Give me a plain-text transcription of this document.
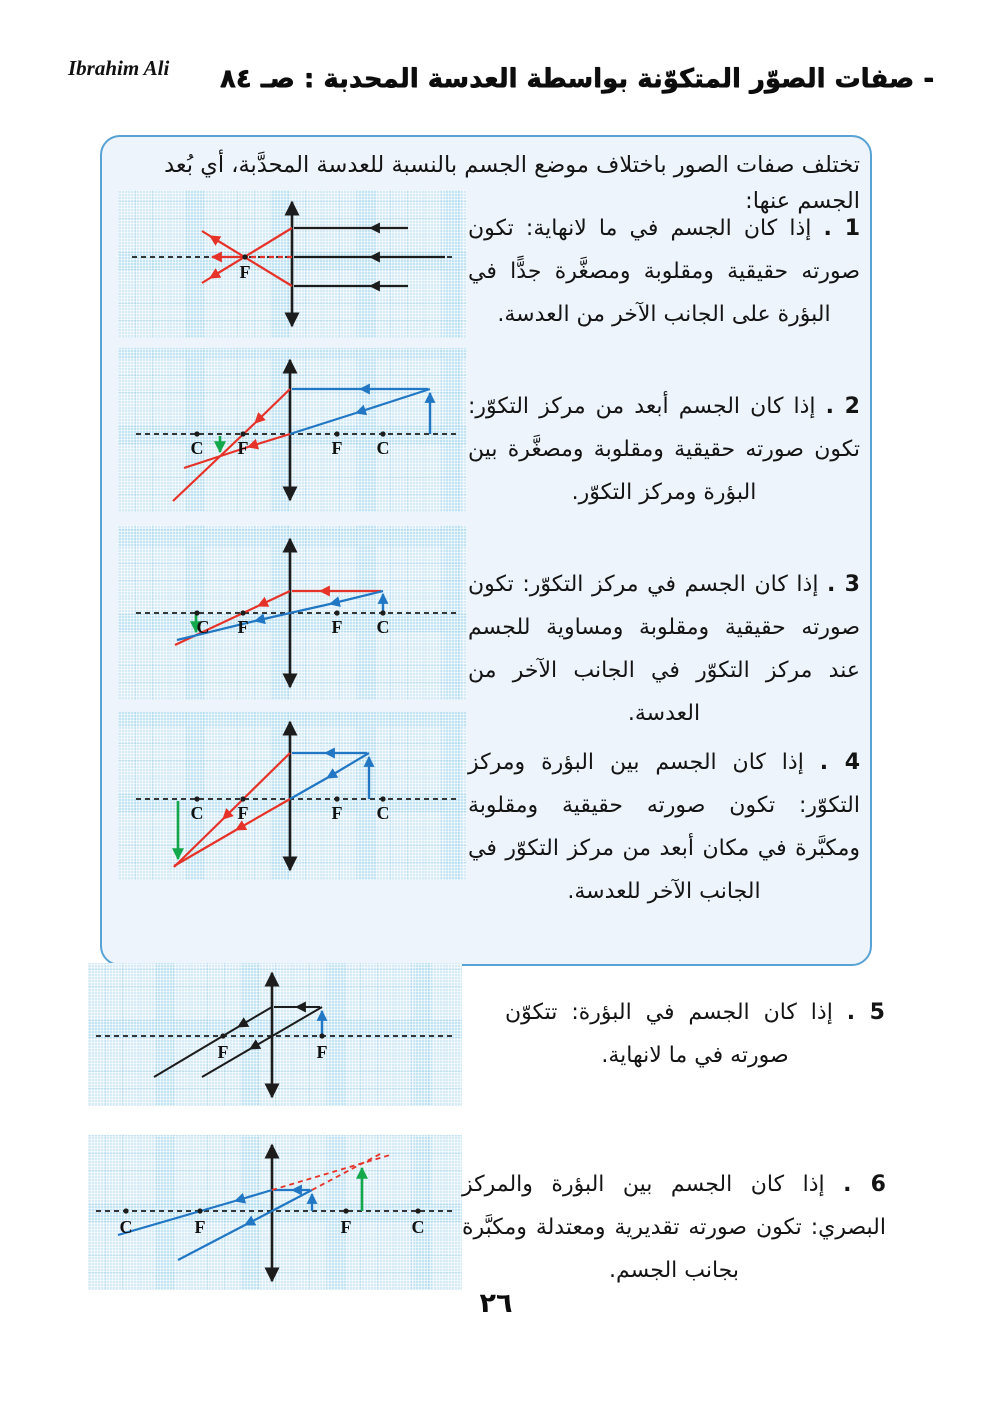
Ibrahim Ali - صفات الصوّر المتكوّنة بواسطة العدسة المحدبة : صـ ٨٤
تختلف صفات الصور باختلاف موضع الجسم بالنسبة للعدسة المحدَّبة، أي بُعد الجسم عنها:
F
C F	F C
C F	F C
C F	F C
F	F
C	F	F	C

1 . إذا كان الجسم في ما لانهاية: تكون صورته حقيقية ومقلوبة ومصغَّرة جدًّا في البؤرة على الجانب الآخر من العدسة.

2 . إذا كان الجسم أبعد من مركز التكوّر: تكون صورته حقيقية ومقلوبة ومصغَّرة بين البؤرة ومركز التكوّر.

3 . إذا كان الجسم في مركز التكوّر: تكون صورته حقيقية ومقلوبة ومساوية للجسم عند مركز التكوّر في الجانب الآخر من العدسة.

4 . إذا كان الجسم بين البؤرة ومركز التكوّر: تكون صورته حقيقية ومقلوبة ومكبَّرة في مكان أبعد من مركز التكوّر في الجانب الآخر للعدسة.

5 . إذا كان الجسم في البؤرة: تتكوّن صورته في ما لانهاية.

6 . إذا كان الجسم بين البؤرة والمركز البصري: تكون صورته تقديرية ومعتدلة ومكبَّرة بجانب الجسم.

٢٦
